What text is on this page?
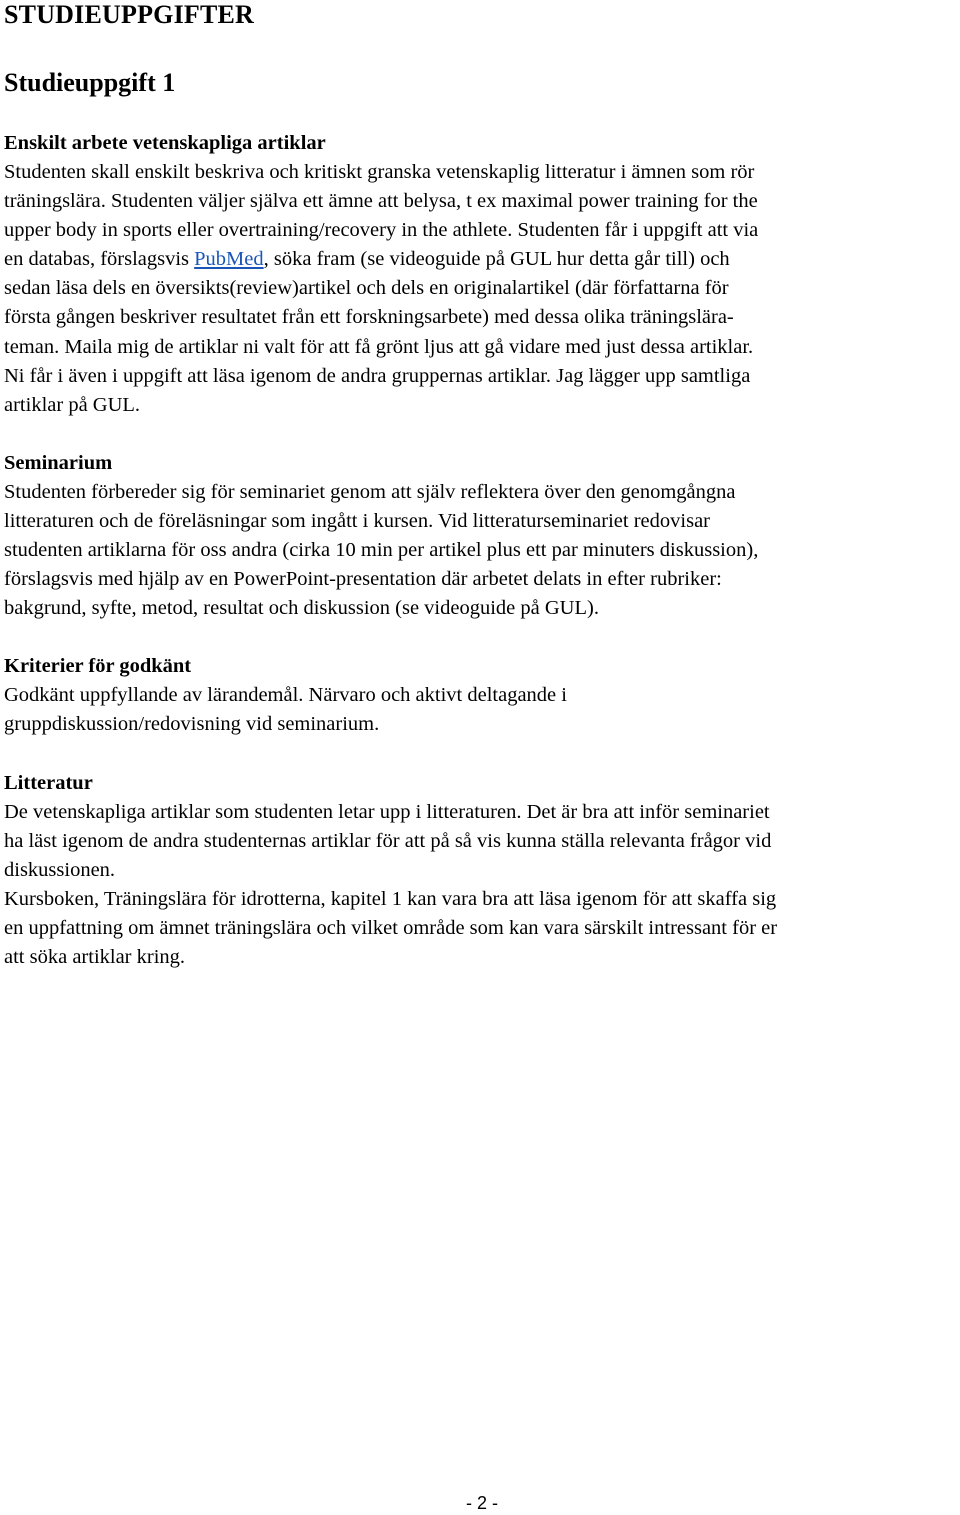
STUDIEUPPGIFTER
Studieuppgift 1
Enskilt arbete vetenskapliga artiklar
Studenten skall enskilt beskriva och kritiskt granska vetenskaplig litteratur i ämnen som rör
träningslära. Studenten väljer själva ett ämne att belysa, t ex maximal power training for the
upper body in sports eller overtraining/recovery in the athlete. Studenten får i uppgift att via
en databas, förslagsvis PubMed, söka fram (se videoguide på GUL hur detta går till) och
sedan läsa dels en översikts(review)artikel och dels en originalartikel (där författarna för
första gången beskriver resultatet från ett forskningsarbete) med dessa olika träningslära-
teman. Maila mig de artiklar ni valt för att få grönt ljus att gå vidare med just dessa artiklar.
Ni får i även i uppgift att läsa igenom de andra gruppernas artiklar. Jag lägger upp samtliga
artiklar på GUL.
Seminarium
Studenten förbereder sig för seminariet genom att själv reflektera över den genomgångna
litteraturen och de föreläsningar som ingått i kursen. Vid litteraturseminariet redovisar
studenten artiklarna för oss andra (cirka 10 min per artikel plus ett par minuters diskussion),
förslagsvis med hjälp av en PowerPoint-presentation där arbetet delats in efter rubriker:
bakgrund, syfte, metod, resultat och diskussion (se videoguide på GUL).
Kriterier för godkänt
Godkänt uppfyllande av lärandemål. Närvaro och aktivt deltagande i
gruppdiskussion/redovisning vid seminarium.
Litteratur
De vetenskapliga artiklar som studenten letar upp i litteraturen. Det är bra att inför seminariet
ha läst igenom de andra studenternas artiklar för att på så vis kunna ställa relevanta frågor vid
diskussionen.
Kursboken, Träningslära för idrotterna, kapitel 1 kan vara bra att läsa igenom för att skaffa sig
en uppfattning om ämnet träningslära och vilket område som kan vara särskilt intressant för er
att söka artiklar kring.
- 2 -
